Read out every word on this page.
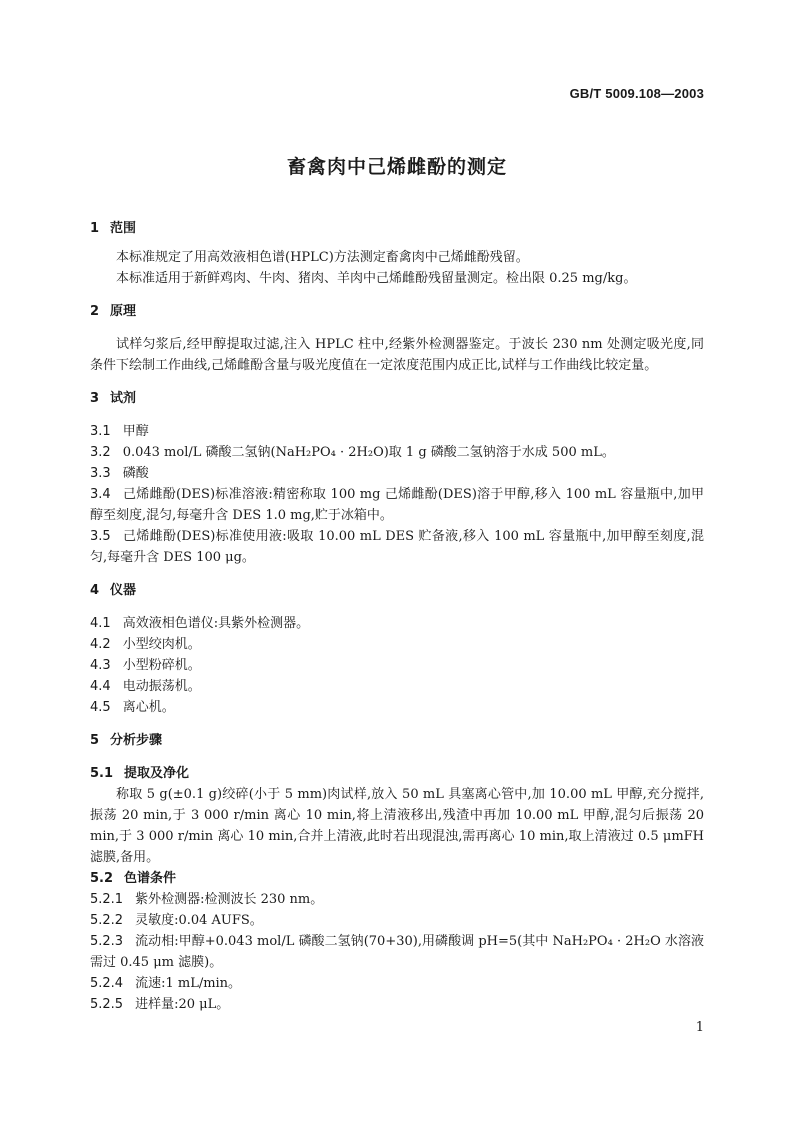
GB/T 5009.108—2003
畜禽肉中己烯雌酚的测定
1 范围

本标准规定了用高效液相色谱(HPLC)方法测定畜禽肉中己烯雌酚残留。

本标准适用于新鲜鸡肉、牛肉、猪肉、羊肉中己烯雌酚残留量测定。检出限 0.25 mg/kg。

2 原理

试样匀浆后,经甲醇提取过滤,注入 HPLC 柱中,经紫外检测器鉴定。于波长 230 nm 处测定吸光度,同条件下绘制工作曲线,己烯雌酚含量与吸光度值在一定浓度范围内成正比,试样与工作曲线比较定量。

3 试剂

3.1 甲醇

3.2 0.043 mol/L 磷酸二氢钠(NaH₂PO₄ · 2H₂O)取 1 g 磷酸二氢钠溶于水成 500 mL。

3.3 磷酸

3.4 己烯雌酚(DES)标准溶液:精密称取 100 mg 己烯雌酚(DES)溶于甲醇,移入 100 mL 容量瓶中,加甲醇至刻度,混匀,每毫升含 DES 1.0 mg,贮于冰箱中。

3.5 己烯雌酚(DES)标准使用液:吸取 10.00 mL DES 贮备液,移入 100 mL 容量瓶中,加甲醇至刻度,混匀,每毫升含 DES 100 μg。

4 仪器

4.1 高效液相色谱仪:具紫外检测器。

4.2 小型绞肉机。

4.3 小型粉碎机。

4.4 电动振荡机。

4.5 离心机。

5 分析步骤
5.1 提取及净化

称取 5 g(±0.1 g)绞碎(小于 5 mm)肉试样,放入 50 mL 具塞离心管中,加 10.00 mL 甲醇,充分搅拌,振荡 20 min,于 3 000 r/min 离心 10 min,将上清液移出,残渣中再加 10.00 mL 甲醇,混匀后振荡 20 min,于 3 000 r/min 离心 10 min,合并上清液,此时若出现混浊,需再离心 10 min,取上清液过 0.5 μmFH 滤膜,备用。

5.2 色谱条件

5.2.1 紫外检测器:检测波长 230 nm。

5.2.2 灵敏度:0.04 AUFS。

5.2.3 流动相:甲醇+0.043 mol/L 磷酸二氢钠(70+30),用磷酸调 pH=5(其中 NaH₂PO₄ · 2H₂O 水溶液需过 0.45 μm 滤膜)。

5.2.4 流速:1 mL/min。

5.2.5 进样量:20 μL。

1
